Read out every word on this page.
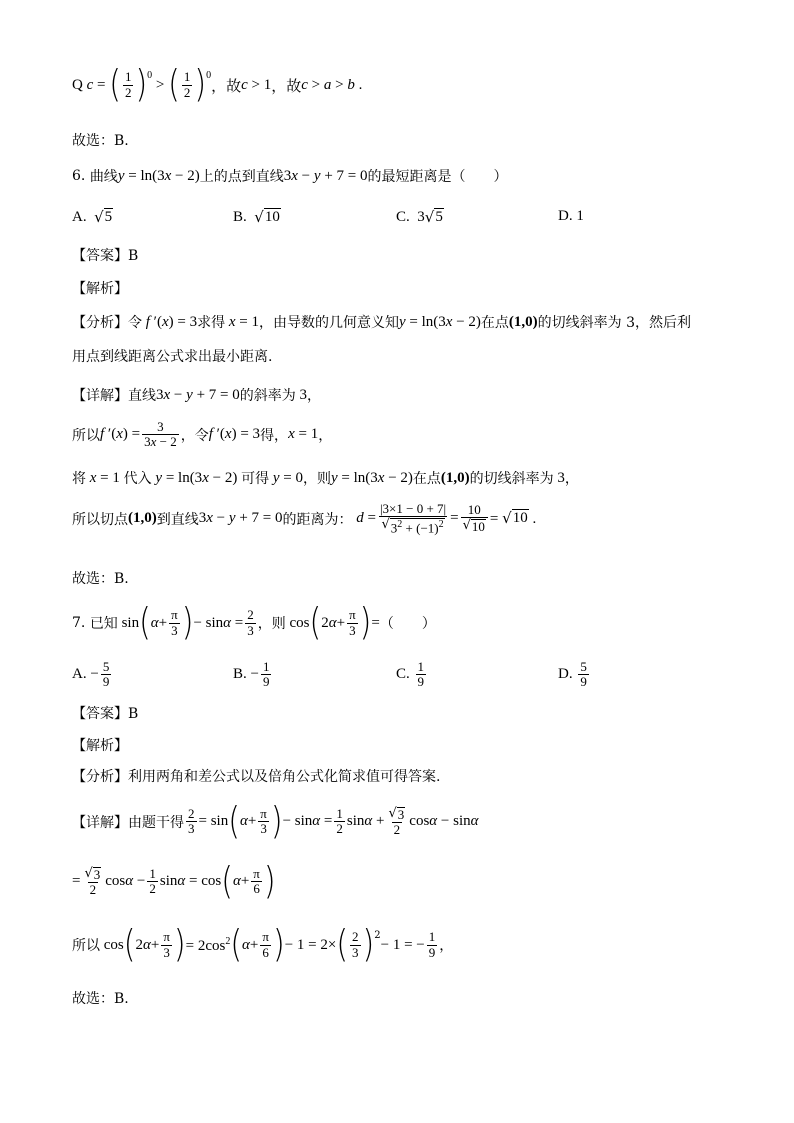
Q c = ( $\frac{1}{2} )^0$
> ( $\frac{1}{2} )^0$
，故 c > 1 ，故 c > a > b
.
故选：B.
6.
曲线 y = ln(3x − 2) 上的点到直线 3x − y + 7 = 0 的最短距离是（　　）
A.
√ 5	B.
√ 10	C.
3 √ 5	D.
1
【答案】B
【解析】
【分析】 令 f ′(x) = 3 求得 x = 1 ，由导数的几何意义知 y = ln(3x − 2) 在点 (1,0) 的切线斜率为 3，然后利
用点到线距离公式求出最小距离.
【详解】 直线 3x − y + 7 = 0 的斜率为 3 ，
所以 f $'(x) = \frac{3}{3x - 2}$ ，令 f ′(x) = 3 得， x = 1 ，
将 x = 1 代入 y = ln(3x − 2) 可得 y = 0 ，则 y = ln(3x − 2) 在点 (1,0) 的切线斜率为 3 ，
所以切点 (1,0) 到直线 3x − y + 7 = 0 的距离为： $d = \frac{|3\times 1 - 0 + 7|}{√ 3^2 + (-1)^2} = \frac{10}{√ 10}$ = √ 10 .
故选：B.
7.
已知 sin ( $\alpha + \frac{\pi}{3}$ ) − $\sin\alpha = \frac{2}{3}$ ，则 cos ( $2\alpha+ \frac{\pi}{3}$ ) = （　　）
A.
− $\frac{5}{9}$	B.
− $\frac{1}{9}$	C.
$\frac{1}{9}$	D.
$\frac{5}{9}$
【答案】B
【解析】
【分析】 利用两角和差公式以及倍角公式化简求值可得答案.
【详解】 由题干得 $\frac{2}{3} = \sin$ ( $\alpha + \frac{\pi}{3}$ ) − $\sin\alpha = \frac{1}{2}$ $\sin\alpha + \frac{√ 3}{2}$ cosα − sinα
= $\frac{√ 3}{2}$ $\cos\alpha - \frac{1}{2}$ sinα = cos ( $\alpha + \frac{\pi}{6}$ )
所以 cos ( $2\alpha+ \frac{\pi}{3}$ ) = $2\cos^2$ ( $\alpha + \frac{\pi}{6}$ ) − 1 = 2× ( $\frac{2}{3} )^2$
− 1 = − $\frac{1}{9}$ ，
故选：B.
